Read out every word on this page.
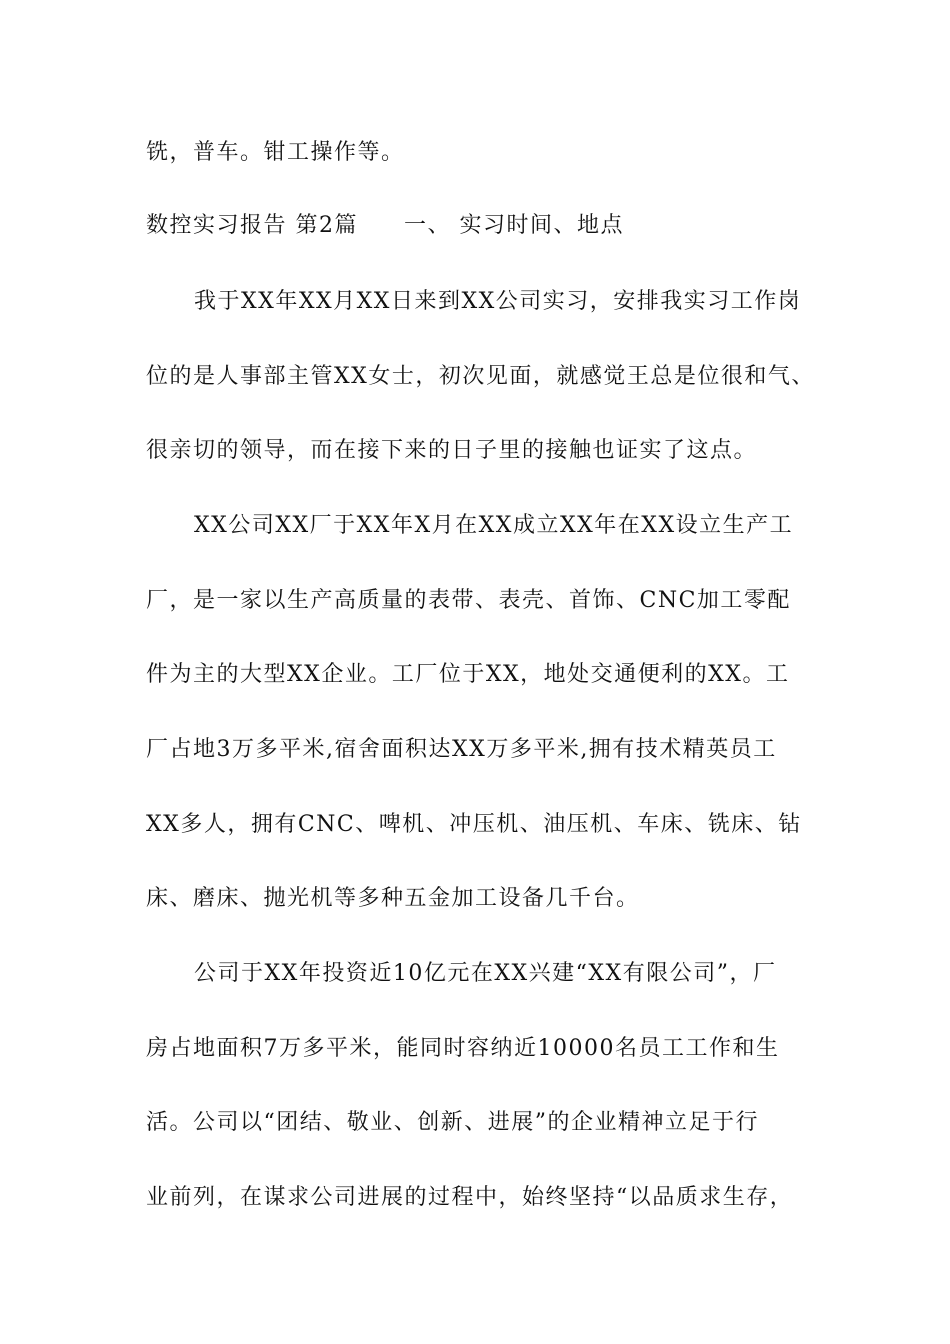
铣，普车。钳工操作等。
数控实习报告 第2篇 一、 实习时间、地点
我于XX年XX月XX日来到XX公司实习，安排我实习工作岗
位的是人事部主管XX女士，初次见面，就感觉王总是位很和气、
很亲切的领导，而在接下来的日子里的接触也证实了这点。
XX公司XX厂于XX年X月在XX成立XX年在XX设立生产工
厂，是一家以生产高质量的表带、表壳、首饰、CNC加工零配
件为主的大型XX企业。工厂位于XX，地处交通便利的XX。工
厂占地3万多平米,宿舍面积达XX万多平米,拥有技术精英员工
XX多人，拥有CNC、啤机、冲压机、油压机、车床、铣床、钻
床、磨床、抛光机等多种五金加工设备几千台。
公司于XX年投资近10亿元在XX兴建“XX有限公司”，厂
房占地面积7万多平米，能同时容纳近10000名员工工作和生
活。公司以“团结、敬业、创新、进展”的企业精神立足于行
业前列，在谋求公司进展的过程中，始终坚持“以品质求生存，
